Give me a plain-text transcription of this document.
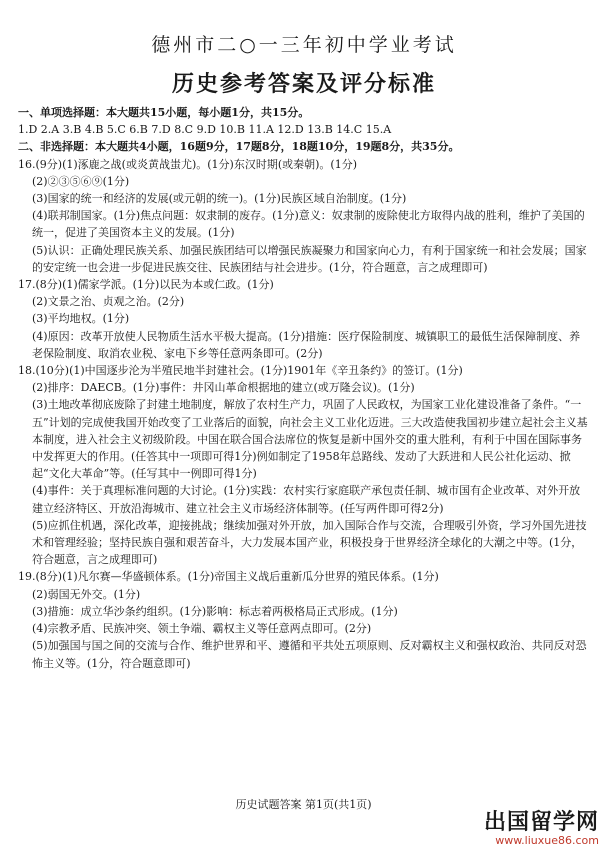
德州市二○一三年初中学业考试
历史参考答案及评分标准
一、单项选择题：本大题共15小题，每小题1分，共15分。
1.D 2.A 3.B 4.B 5.C 6.B 7.D 8.C 9.D 10.B 11.A 12.D 13.B 14.C 15.A
二、非选择题：本大题共4小题，16题9分，17题8分，18题10分，19题8分，共35分。
16.(9分)(1)涿鹿之战(或炎黄战蚩尤)。(1分)东汉时期(或秦朝)。(1分)
(2)②③⑤⑥⑨(1分)
(3)国家的统一和经济的发展(或元朝的统一)。(1分)民族区域自治制度。(1分)
(4)联邦制国家。(1分)焦点问题：奴隶制的废存。(1分)意义：奴隶制的废除使北方取得内战的胜利，维护了美国的统一，促进了美国资本主义的发展。(1分)
(5)认识：正确处理民族关系、加强民族团结可以增强民族凝聚力和国家向心力，有利于国家统一和社会发展；国家的安定统一也会进一步促进民族交往、民族团结与社会进步。(1分，符合题意，言之成理即可)
17.(8分)(1)儒家学派。(1分)以民为本或仁政。(1分)
(2)文景之治、贞观之治。(2分)
(3)平均地权。(1分)
(4)原因：改革开放使人民物质生活水平极大提高。(1分)措施：医疗保险制度、城镇职工的最低生活保障制度、养老保险制度、取消农业税、家电下乡等任意两条即可。(2分)
18.(10分)(1)中国逐步沦为半殖民地半封建社会。(1分)1901年《辛丑条约》的签订。(1分)
(2)排序：DAECB。(1分)事件：井冈山革命根据地的建立(或万隆会议)。(1分)
(3)土地改革彻底废除了封建土地制度，解放了农村生产力，巩固了人民政权，为国家工业化建设准备了条件。“一五”计划的完成使我国开始改变了工业落后的面貌，向社会主义工业化迈进。三大改造使我国初步建立起社会主义基本制度，进入社会主义初级阶段。中国在联合国合法席位的恢复是新中国外交的重大胜利，有利于中国在国际事务中发挥更大的作用。(任答其中一项即可得1分)例如制定了1958年总路线、发动了大跃进和人民公社化运动、掀起“文化大革命”等。(任写其中一例即可得1分)
(4)事件：关于真理标准问题的大讨论。(1分)实践：农村实行家庭联产承包责任制、城市国有企业改革、对外开放建立经济特区、开放沿海城市、建立社会主义市场经济体制等。(任写两件即可得2分)
(5)应抓住机遇，深化改革，迎接挑战；继续加强对外开放，加入国际合作与交流，合理吸引外资，学习外国先进技术和管理经验；坚持民族自强和艰苦奋斗，大力发展本国产业，积极投身于世界经济全球化的大潮之中等。(1分，符合题意，言之成理即可)
19.(8分)(1)凡尔赛—华盛顿体系。(1分)帝国主义战后重新瓜分世界的殖民体系。(1分)
(2)弱国无外交。(1分)
(3)措施：成立华沙条约组织。(1分)影响：标志着两极格局正式形成。(1分)
(4)宗教矛盾、民族冲突、领土争端、霸权主义等任意两点即可。(2分)
(5)加强国与国之间的交流与合作、维护世界和平、遵循和平共处五项原则、反对霸权主义和强权政治、共同反对恐怖主义等。(1分，符合题意即可)
历史试题答案 第1页(共1页)
出国留学网
www.liuxue86.com
